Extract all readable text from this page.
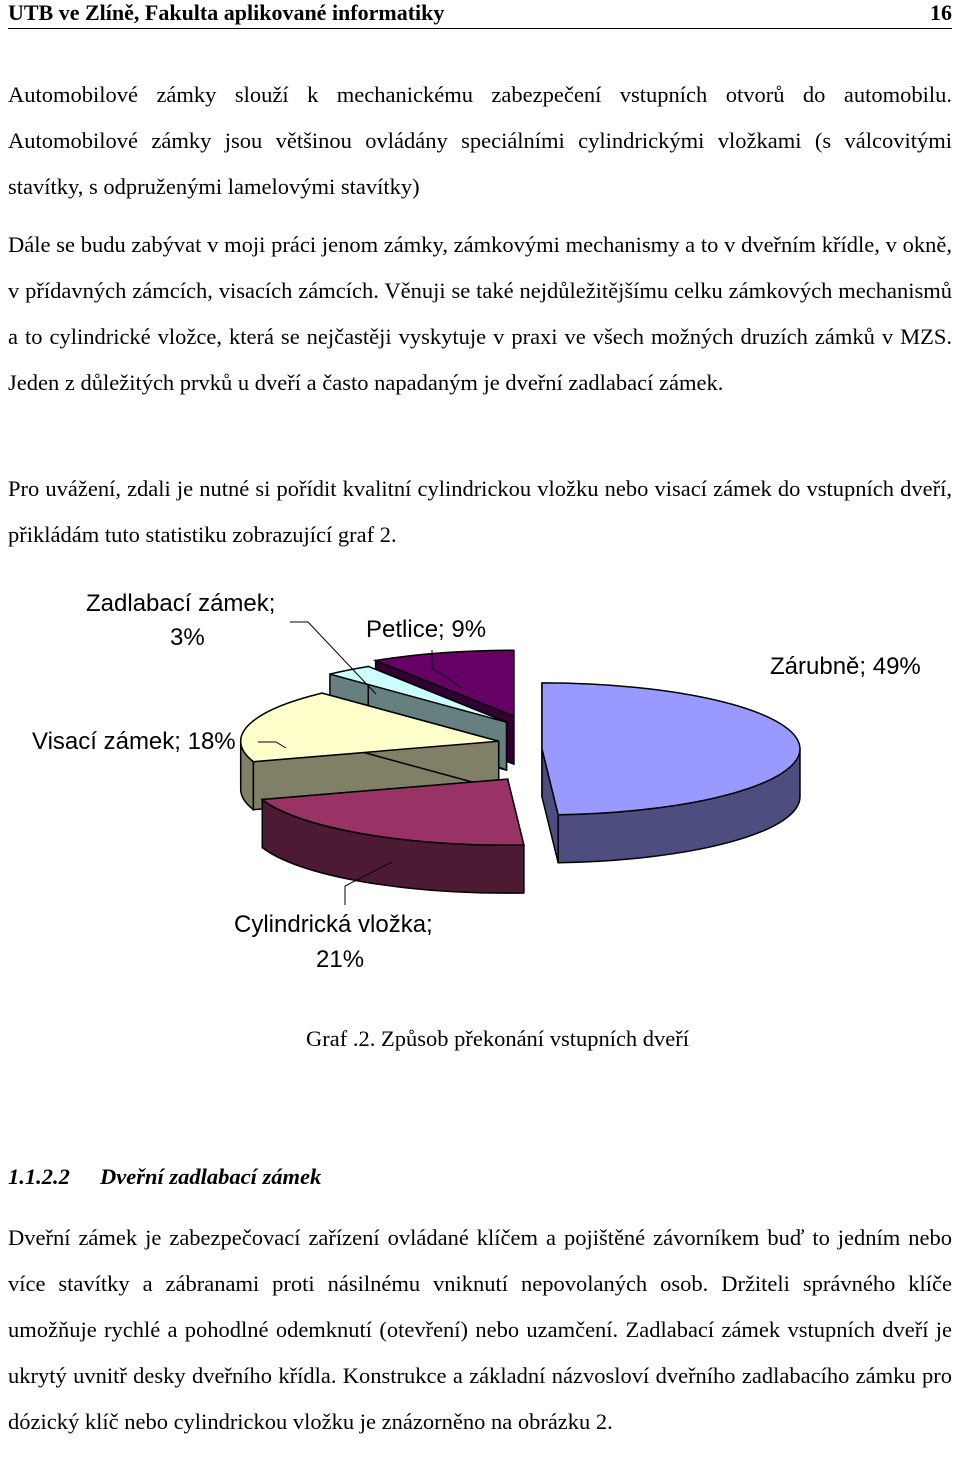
UTB ve Zlíně, Fakulta aplikované informatiky	16
Automobilové zámky slouží k mechanickému zabezpečení vstupních otvorů do automobilu. Automobilové zámky jsou většinou ovládány speciálními cylindrickými vložkami (s válcovitými stavítky, s odpruženými lamelovými stavítky)
Dále se budu zabývat v moji práci jenom zámky, zámkovými mechanismy a to v dveřním křídle, v okně, v přídavných zámcích, visacích zámcích. Věnuji se také nejdůležitějšímu celku zámkových mechanismů a to cylindrické vložce, která se nejčastěji vyskytuje v praxi ve všech možných druzích zámků v MZS. Jeden z důležitých prvků u dveří a často napadaným je dveřní zadlabací zámek.
Pro uvážení, zdali je nutné si pořídit kvalitní cylindrickou vložku nebo visací zámek do vstupních dveří, přikládám tuto statistiku zobrazující graf 2.
Zárubně; 49%
Cylindrická vložka;
21%
Visací zámek; 18%
Zadlabací zámek;
3%	Petlice; 9%
Graf .2. Způsob překonání vstupních dveří
1.1.2.2 Dveřní zadlabací zámek
Dveřní zámek je zabezpečovací zařízení ovládané klíčem a pojištěné závorníkem buď to jedním nebo více stavítky a zábranami proti násilnému vniknutí nepovolaných osob. Držiteli správného klíče umožňuje rychlé a pohodlné odemknutí (otevření) nebo uzamčení. Zadlabací zámek vstupních dveří je ukrytý uvnitř desky dveřního křídla. Konstrukce a základní názvosloví dveřního zadlabacího zámku pro dózický klíč nebo cylindrickou vložku je znázorněno na obrázku 2.
